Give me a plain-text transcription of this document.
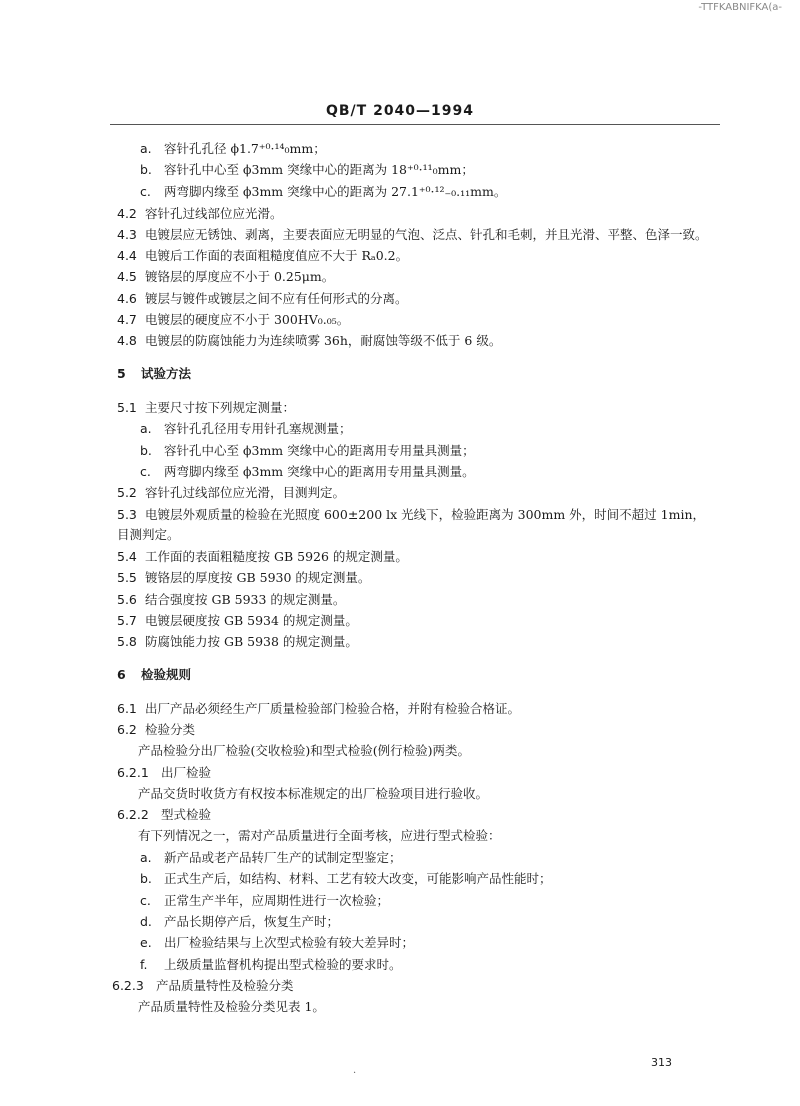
-TTFKABNIFKA(a-
QB/T 2040—1994
a. 容针孔孔径 ϕ1.7⁺⁰·¹⁴₀mm；
b. 容针孔中心至 ϕ3mm 突缘中心的距离为 18⁺⁰·¹¹₀mm；
c. 两弯脚内缘至 ϕ3mm 突缘中心的距离为 27.1⁺⁰·¹²₋₀.₁₁mm。
4.2 容针孔过线部位应光滑。
4.3 电镀层应无锈蚀、剥离，主要表面应无明显的气泡、泛点、针孔和毛刺，并且光滑、平整、色泽一致。
4.4 电镀后工作面的表面粗糙度值应不大于 Rₐ0.2。
4.5 镀铬层的厚度应不小于 0.25μm。
4.6 镀层与镀件或镀层之间不应有任何形式的分离。
4.7 电镀层的硬度应不小于 300HV₀.₀₅。
4.8 电镀层的防腐蚀能力为连续喷雾 36h，耐腐蚀等级不低于 6 级。
5 试验方法
5.1 主要尺寸按下列规定测量：
a. 容针孔孔径用专用针孔塞规测量；
b. 容针孔中心至 ϕ3mm 突缘中心的距离用专用量具测量；
c. 两弯脚内缘至 ϕ3mm 突缘中心的距离用专用量具测量。
5.2 容针孔过线部位应光滑，目测判定。
5.3 电镀层外观质量的检验在光照度 600±200 lx 光线下，检验距离为 300mm 外，时间不超过 1min，
目测判定。
5.4 工作面的表面粗糙度按 GB 5926 的规定测量。
5.5 镀铬层的厚度按 GB 5930 的规定测量。
5.6 结合强度按 GB 5933 的规定测量。
5.7 电镀层硬度按 GB 5934 的规定测量。
5.8 防腐蚀能力按 GB 5938 的规定测量。
6 检验规则
6.1 出厂产品必须经生产厂质量检验部门检验合格，并附有检验合格证。
6.2 检验分类
产品检验分出厂检验(交收检验)和型式检验(例行检验)两类。
6.2.1 出厂检验
产品交货时收货方有权按本标准规定的出厂检验项目进行验收。
6.2.2 型式检验
有下列情况之一，需对产品质量进行全面考核，应进行型式检验：
a. 新产品或老产品转厂生产的试制定型鉴定；
b. 正式生产后，如结构、材料、工艺有较大改变，可能影响产品性能时；
c. 正常生产半年，应周期性进行一次检验；
d. 产品长期停产后，恢复生产时；
e. 出厂检验结果与上次型式检验有较大差异时；
f. 上级质量监督机构提出型式检验的要求时。
6.2.3 产品质量特性及检验分类
产品质量特性及检验分类见表 1。
313
·
